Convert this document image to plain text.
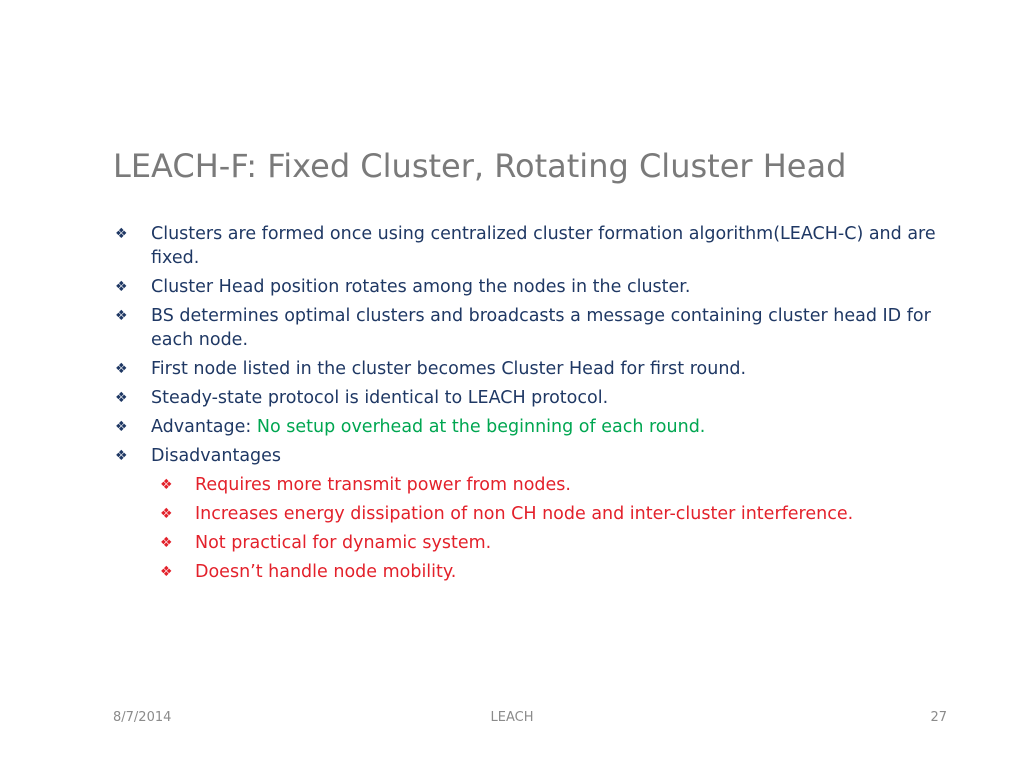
LEACH-F: Fixed Cluster, Rotating Cluster Head
❖ Clusters are formed once using centralized cluster formation algorithm(LEACH-C) and are fixed.
❖ Cluster Head position rotates among the nodes in the cluster.
❖ BS determines optimal clusters and broadcasts a message containing cluster head ID for each node.
❖ First node listed in the cluster becomes Cluster Head for first round.
❖ Steady-state protocol is identical to LEACH protocol.
❖ Advantage: No setup overhead at the beginning of each round.
❖ Disadvantages
❖ Requires more transmit power from nodes.
❖ Increases energy dissipation of non CH node and inter-cluster interference.
❖ Not practical for dynamic system.
❖ Doesn’t handle node mobility.
8/7/2014	LEACH	27
